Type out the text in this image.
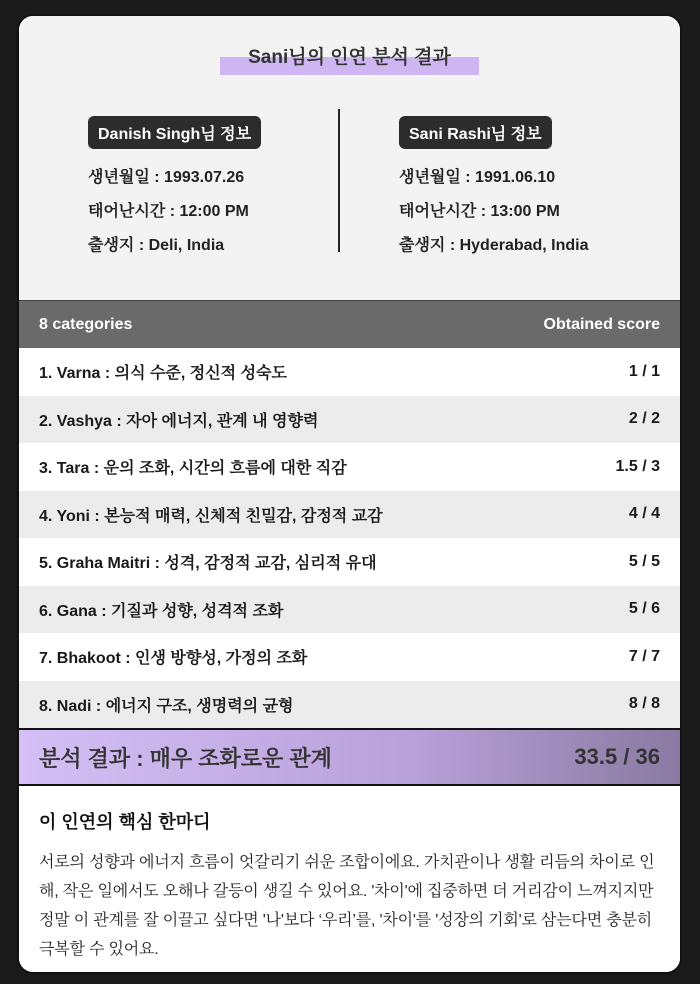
Sani님의 인연 분석 결과
Danish Singh님 정보
생년월일 : 1993.07.26
태어난시간 : 12:00 PM
출생지 : Deli, India
Sani Rashi님 정보
생년월일 : 1991.06.10
태어난시간 : 13:00 PM
출생지 : Hyderabad, India
8 categories	Obtained score
1. Varna : 의식 수준, 정신적 성숙도	1 / 1
2. Vashya : 자아 에너지, 관계 내 영향력	2 / 2
3. Tara : 운의 조화, 시간의 흐름에 대한 직감	1.5 / 3
4. Yoni : 본능적 매력, 신체적 친밀감, 감정적 교감	4 / 4
5. Graha Maitri : 성격, 감정적 교감, 심리적 유대	5 / 5
6. Gana : 기질과 성향, 성격적 조화	5 / 6
7. Bhakoot : 인생 방향성, 가정의 조화	7 / 7
8. Nadi : 에너지 구조, 생명력의 균형	8 / 8
분석 결과 : 매우 조화로운 관계	33.5 / 36
이 인연의 핵심 한마디

서로의 성향과 에너지 흐름이 엇갈리기 쉬운 조합이에요. 가치관이나 생활 리듬의 차이로 인해, 작은 일에서도 오해나 갈등이 생길 수 있어요. '차이'에 집중하면 더 거리감이 느껴지지만 정말 이 관계를 잘 이끌고 싶다면 '나'보다 ‘우리’를, '차이'를 '성장의 기회'로 삼는다면 충분히 극복할 수 있어요.
